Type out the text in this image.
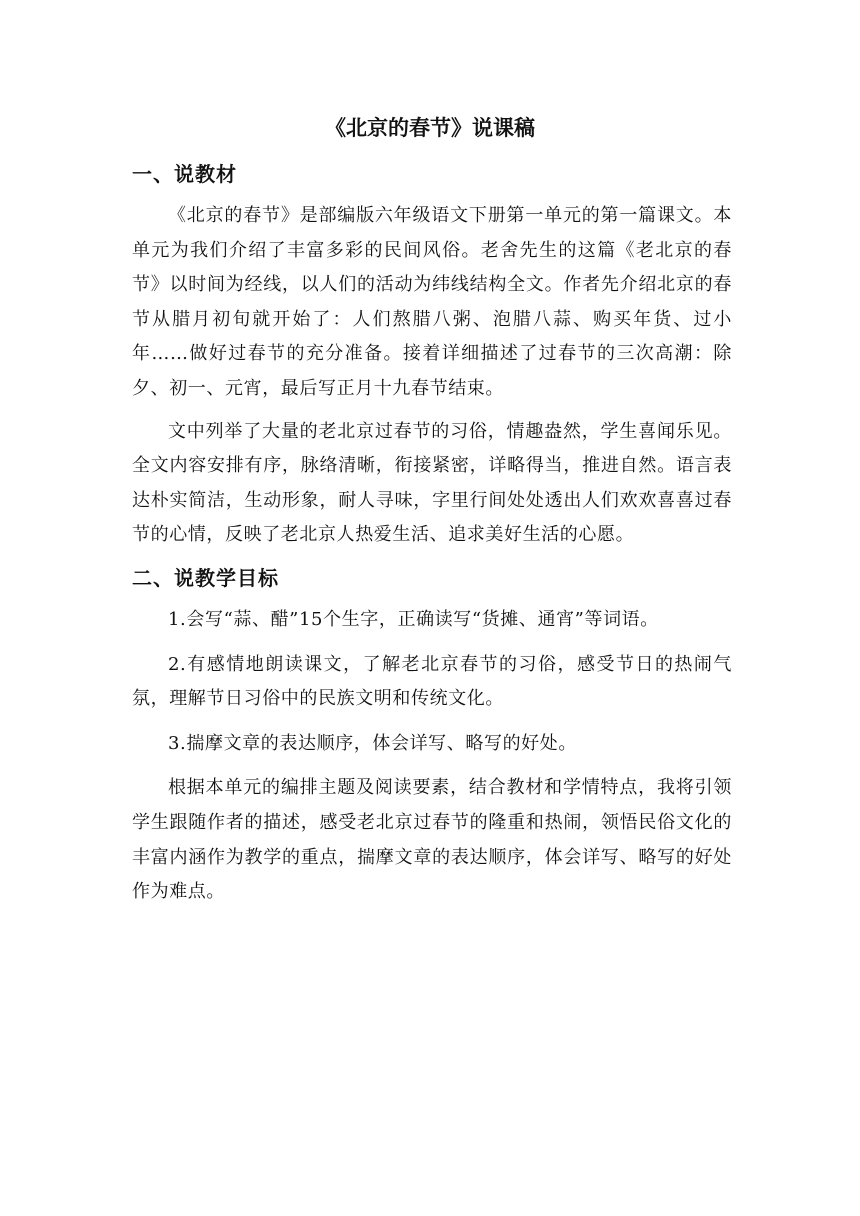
《北京的春节》说课稿
一、说教材

《北京的春节》是部编版六年级语文下册第一单元的第一篇课文。本单元为我们介绍了丰富多彩的民间风俗。老舍先生的这篇《老北京的春节》以时间为经线，以人们的活动为纬线结构全文。作者先介绍北京的春节从腊月初旬就开始了：人们熬腊八粥、泡腊八蒜、购买年货、过小年……做好过春节的充分准备。接着详细描述了过春节的三次高潮：除夕、初一、元宵，最后写正月十九春节结束。

文中列举了大量的老北京过春节的习俗，情趣盎然，学生喜闻乐见。全文内容安排有序，脉络清晰，衔接紧密，详略得当，推进自然。语言表达朴实简洁，生动形象，耐人寻味，字里行间处处透出人们欢欢喜喜过春节的心情，反映了老北京人热爱生活、追求美好生活的心愿。

二、说教学目标

1.会写“蒜、醋”15个生字，正确读写“货摊、通宵”等词语。

2.有感情地朗读课文，了解老北京春节的习俗，感受节日的热闹气氛，理解节日习俗中的民族文明和传统文化。

3.揣摩文章的表达顺序，体会详写、略写的好处。

根据本单元的编排主题及阅读要素，结合教材和学情特点，我将引领学生跟随作者的描述，感受老北京过春节的隆重和热闹，领悟民俗文化的丰富内涵作为教学的重点，揣摩文章的表达顺序，体会详写、略写的好处作为难点。
